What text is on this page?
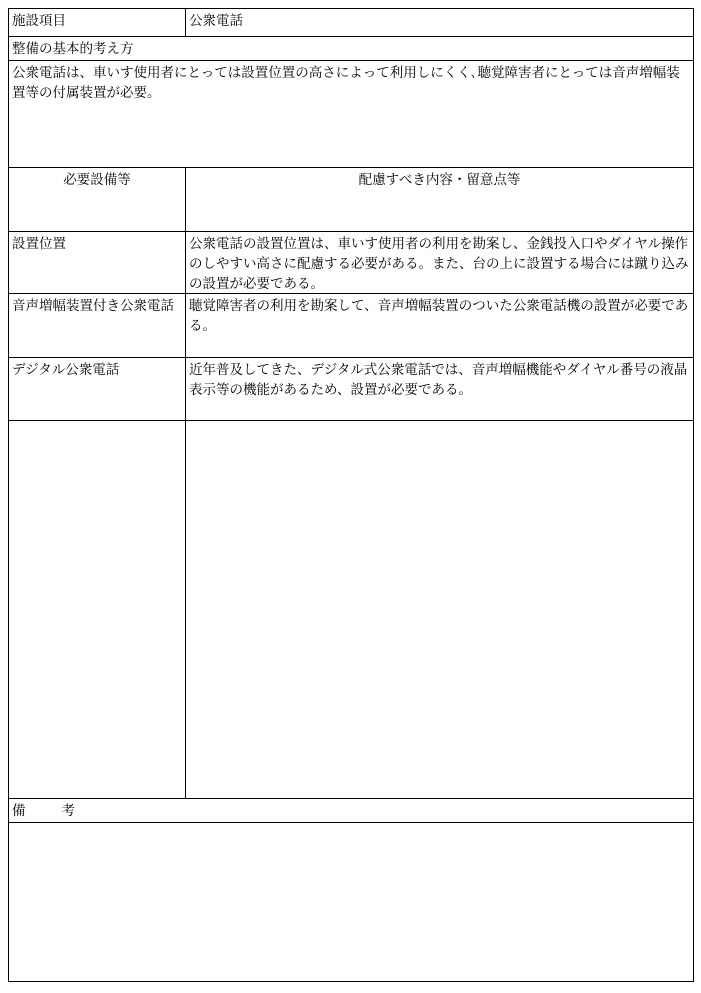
施設項目	公衆電話
整備の基本的考え方
公衆電話は、車いす使用者にとっては設置位置の高さによって利用しにくく､聴覚障害者にとっては音声増幅装置等の付属装置が必要。
必要設備等	配慮すべき内容・留意点等
設置位置	公衆電話の設置位置は、車いす使用者の利用を勘案し、金銭投入口やダイヤル操作のしやすい高さに配慮する必要がある。また、台の上に設置する場合には蹴り込みの設置が必要である。
音声増幅装置付き公衆電話	聴覚障害者の利用を勘案して、音声増幅装置のついた公衆電話機の設置が必要である。
デジタル公衆電話	近年普及してきた、デジタル式公衆電話では、音声増幅機能やダイヤル番号の液晶表示等の機能があるため、設置が必要である。
備	考
